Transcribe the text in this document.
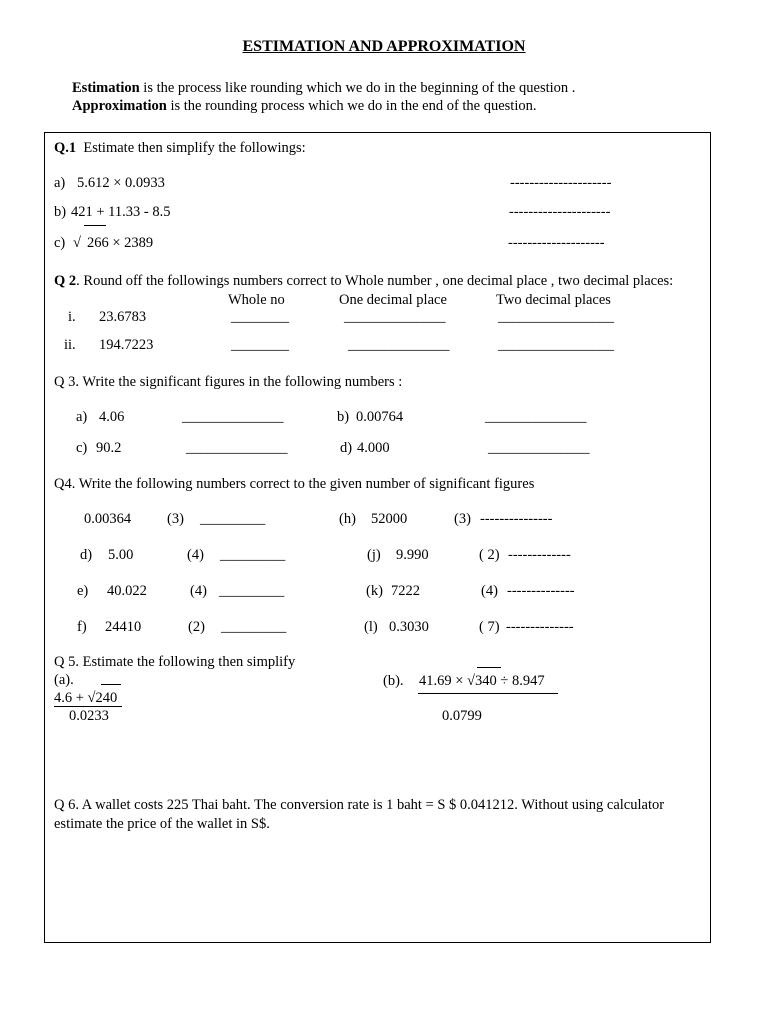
ESTIMATION AND APPROXIMATION
Estimation is the process like rounding which we do in the beginning of the question .
Approximation is the rounding process which we do in the end of the question.
Q.1 Estimate then simplify the followings:
a) 5.612 × 0.0933	---------------------
b) 421 + 11.33 - 8.5	---------------------
c) √ 266 × 2389	--------------------
Q 2. Round off the followings numbers correct to Whole number , one decimal place , two decimal places:
Whole no	One decimal place	Two decimal places
i. 23.6783	________	______________	________________
ii. 194.7223	________	______________	________________
Q 3. Write the significant figures in the following numbers :
a) 4.06	______________	b) 0.00764	______________
c) 90.2	______________	d) 4.000	______________
Q4. Write the following numbers correct to the given number of significant figures
0.00364 (3) _________	(h) 52000	(3) ---------------
d) 5.00	(4) _________	(j) 9.990	( 2) -------------
e) 40.022	(4) _________	(k) 7222	(4) --------------
f) 24410	(2) _________	(l) 0.3030	( 7) --------------
Q 5. Estimate the following then simplify
(a).
4.6 + √240
0.0233
(b). 41.69 × √340 ÷ 8.947
0.0799
Q 6. A wallet costs 225 Thai baht. The conversion rate is 1 baht = S $ 0.041212. Without using calculator
estimate the price of the wallet in S$.
